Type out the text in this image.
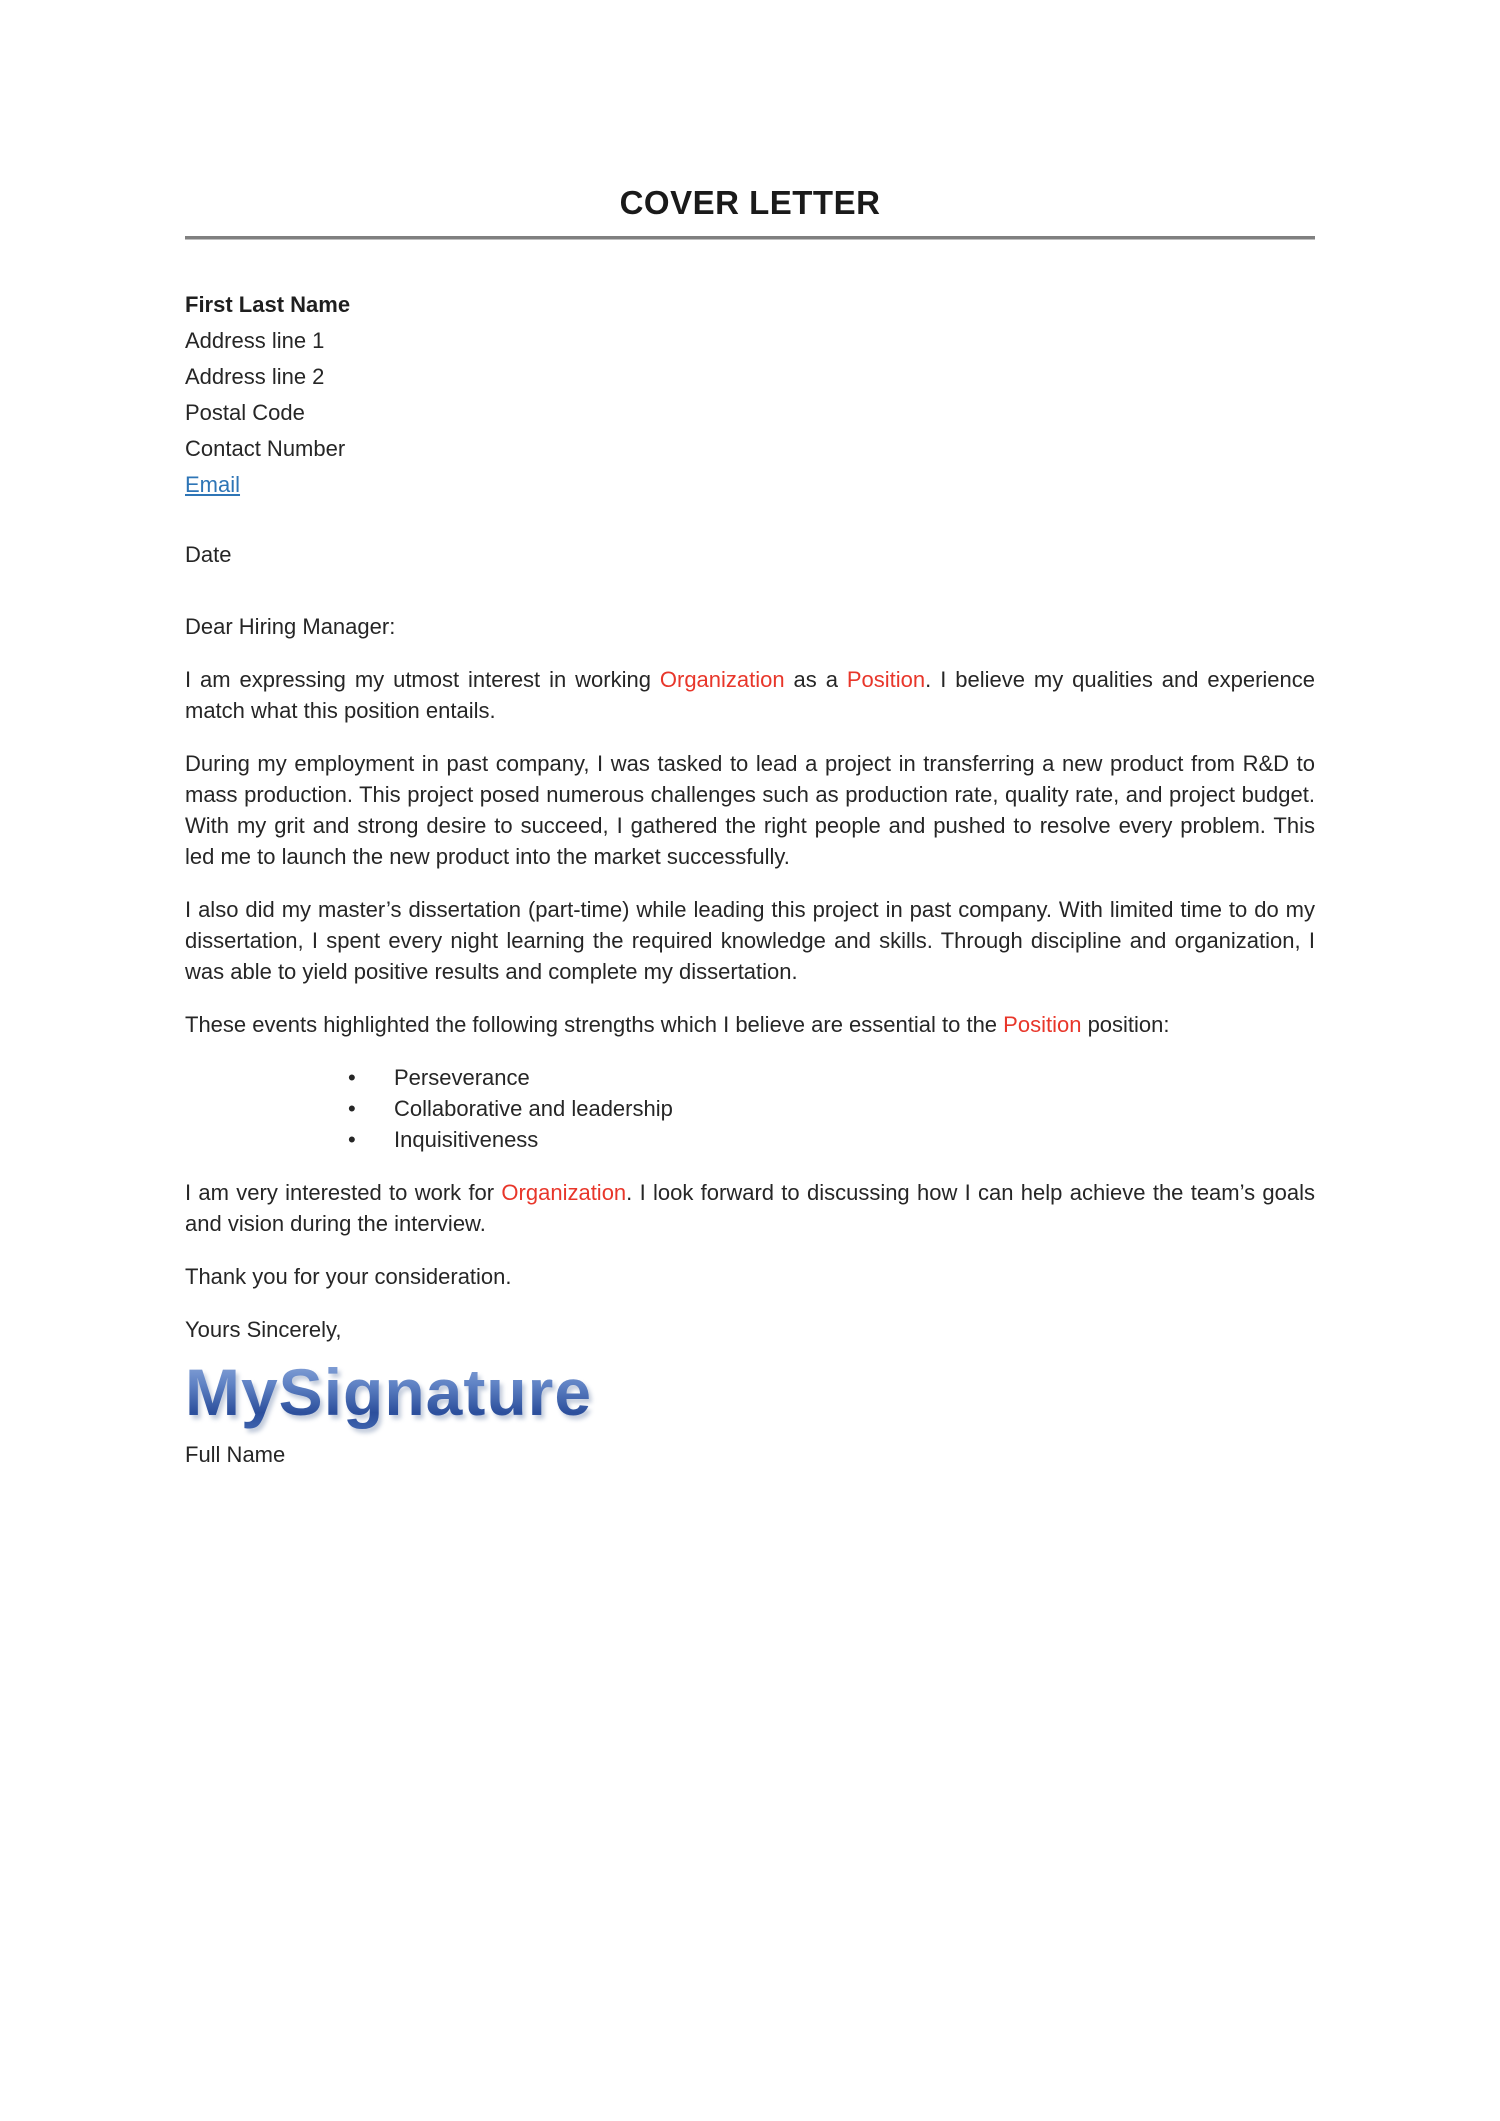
COVER LETTER

First Last Name

Address line 1

Address line 2

Postal Code

Contact Number

Email

Date

Dear Hiring Manager:

I am expressing my utmost interest in working Organization as a Position. I believe my qualities and experience match what this position entails.

During my employment in past company, I was tasked to lead a project in transferring a new product from R&D to mass production. This project posed numerous challenges such as production rate, quality rate, and project budget. With my grit and strong desire to succeed, I gathered the right people and pushed to resolve every problem. This led me to launch the new product into the market successfully.

I also did my master’s dissertation (part-time) while leading this project in past company. With limited time to do my dissertation, I spent every night learning the required knowledge and skills. Through discipline and organization, I was able to yield positive results and complete my dissertation.

These events highlighted the following strengths which I believe are essential to the Position position:

• Perseverance
• Collaborative and leadership
• Inquisitiveness

I am very interested to work for Organization. I look forward to discussing how I can help achieve the team’s goals and vision during the interview.

Thank you for your consideration.

Yours Sincerely,

MySignature

Full Name
